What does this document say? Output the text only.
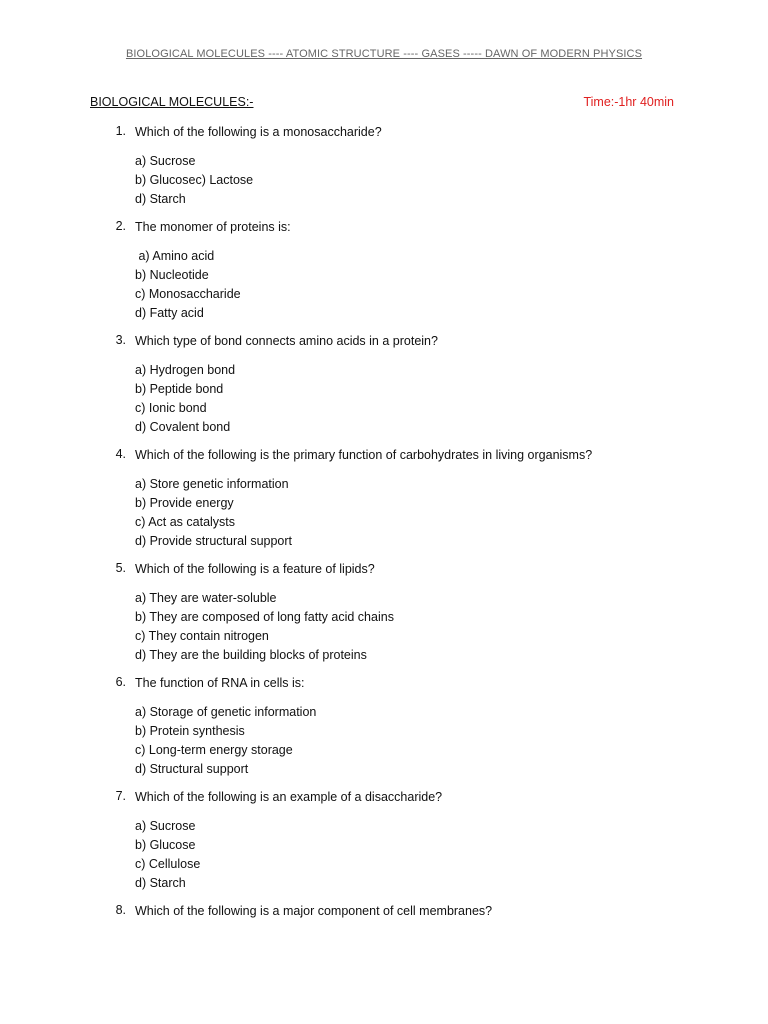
BIOLOGICAL MOLECULES ---- ATOMIC STRUCTURE ---- GASES ----- DAWN OF MODERN PHYSICS
BIOLOGICAL MOLECULES:-	Time:-1hr 40min
1. Which of the following is a monosaccharide?
a) Sucrose
b) Glucosec) Lactose
d) Starch
2. The monomer of proteins is:
a) Amino acid
b) Nucleotide
c) Monosaccharide
d) Fatty acid
3. Which type of bond connects amino acids in a protein?
a) Hydrogen bond
b) Peptide bond
c) Ionic bond
d) Covalent bond
4. Which of the following is the primary function of carbohydrates in living organisms?
a) Store genetic information
b) Provide energy
c) Act as catalysts
d) Provide structural support
5. Which of the following is a feature of lipids?
a) They are water-soluble
b) They are composed of long fatty acid chains
c) They contain nitrogen
d) They are the building blocks of proteins
6. The function of RNA in cells is:
a) Storage of genetic information
b) Protein synthesis
c) Long-term energy storage
d) Structural support
7. Which of the following is an example of a disaccharide?
a) Sucrose
b) Glucose
c) Cellulose
d) Starch
8. Which of the following is a major component of cell membranes?
